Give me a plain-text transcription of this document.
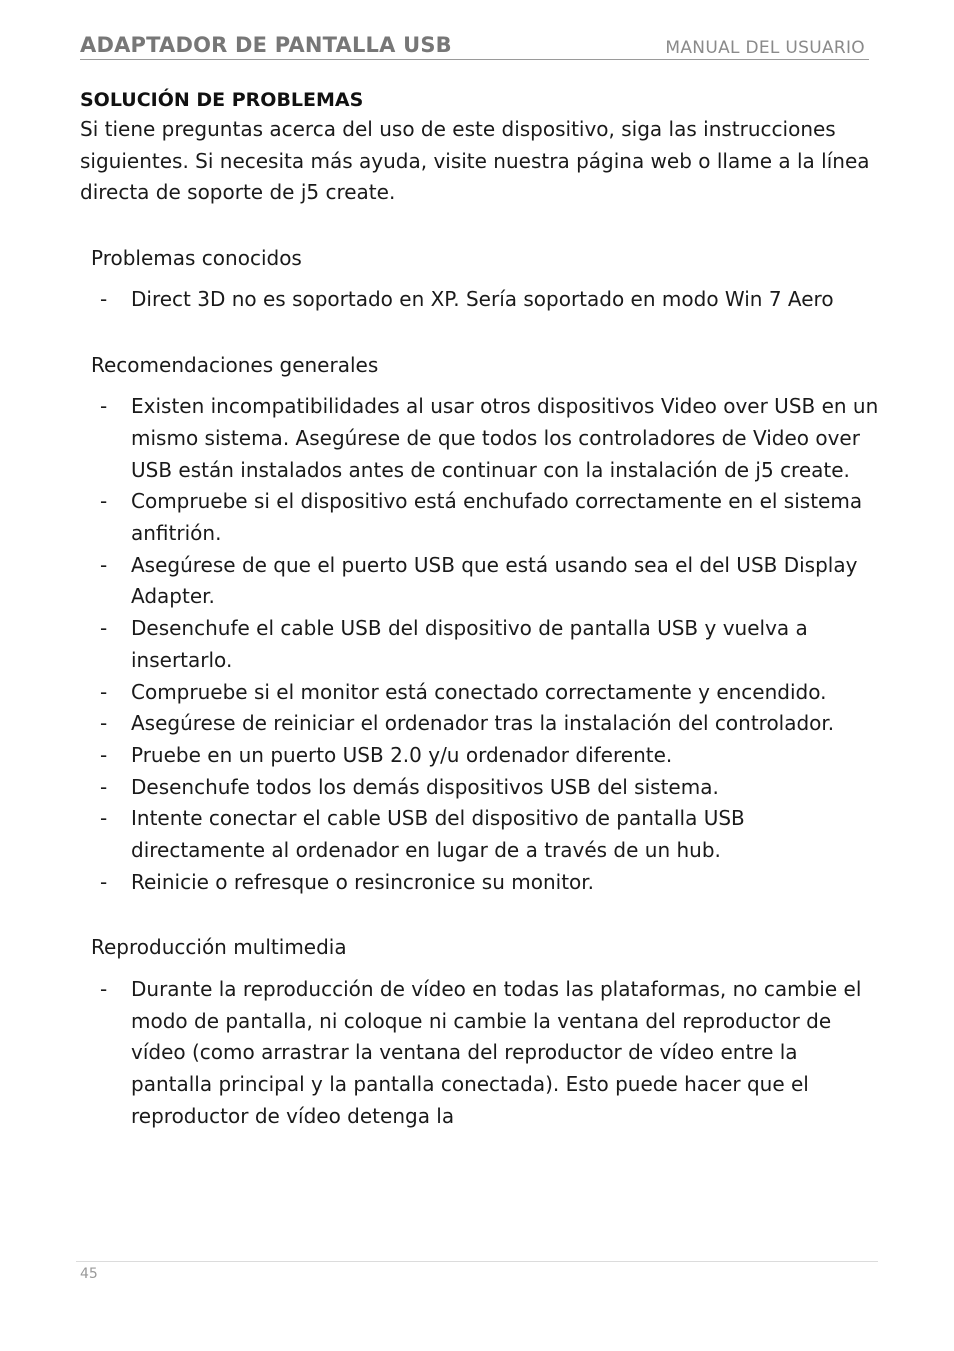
ADAPTADOR DE PANTALLA USB	MANUAL DEL USUARIO
SOLUCIÓN DE PROBLEMAS

Si tiene preguntas acerca del uso de este dispositivo, siga las instrucciones siguientes. Si necesita más ayuda, visite nuestra página web o llame a la línea directa de soporte de j5 create.

Problemas conocidos

- Direct 3D no es soportado en XP. Sería soportado en modo Win 7 Aero

Recomendaciones generales

- Existen incompatibilidades al usar otros dispositivos Video over USB en un mismo sistema. Asegúrese de que todos los controladores de Video over USB están instalados antes de continuar con la instalación de j5 create.
- Compruebe si el dispositivo está enchufado correctamente en el sistema anfitrión.
- Asegúrese de que el puerto USB que está usando sea el del USB Display Adapter.
- Desenchufe el cable USB del dispositivo de pantalla USB y vuelva a insertarlo.
- Compruebe si el monitor está conectado correctamente y encendido.
- Asegúrese de reiniciar el ordenador tras la instalación del controlador.
- Pruebe en un puerto USB 2.0 y/u ordenador diferente.
- Desenchufe todos los demás dispositivos USB del sistema.
- Intente conectar el cable USB del dispositivo de pantalla USB directamente al ordenador en lugar de a través de un hub.
- Reinicie o refresque o resincronice su monitor.

Reproducción multimedia

- Durante la reproducción de vídeo en todas las plataformas, no cambie el modo de pantalla, ni coloque ni cambie la ventana del reproductor de vídeo (como arrastrar la ventana del reproductor de vídeo entre la pantalla principal y la pantalla conectada). Esto puede hacer que el reproductor de vídeo detenga la
45
